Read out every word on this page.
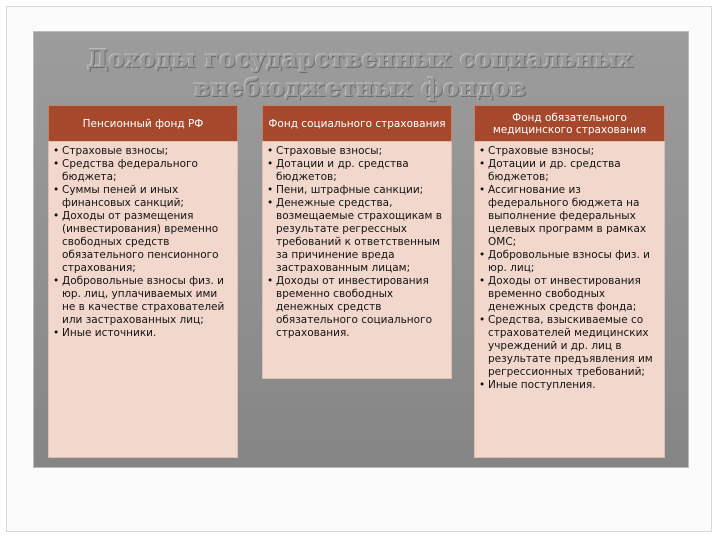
Доходы государственных социальных внебюджетных фондов
Пенсионный фонд РФ	Фонд социального страхования	Фонд обязательного медицинского страхования
• Страховые взносы;
• Средства федерального бюджета;
• Суммы пеней и иных финансовых санкций;
• Доходы от размещения (инвестирования) временно свободных средств обязательного пенсионного страхования;
• Добровольные взносы физ. и юр. лиц, уплачиваемых ими не в качестве страхователей или застрахованных лиц;
• Иные источники.
• Страховые взносы;
• Дотации и др. средства бюджетов;
• Пени, штрафные санкции;
• Денежные средства, возмещаемые страхощикам в результате регрессных требований к ответственным за причинение вреда застрахованным лицам;
• Доходы от инвестирования временно свободных денежных средств обязательного социального страхования.
• Страховые взносы;
• Дотации и др. средства бюджетов;
• Ассигнование из федерального бюджета на выполнение федеральных целевых программ в рамках ОМС;
• Добровольные взносы физ. и юр. лиц;
• Доходы от инвестирования временно свободных денежных средств фонда;
• Средства, взыскиваемые со страхователей медицинских учреждений и др. лиц в результате предъявления им регрессионных требований;
• Иные поступления.
